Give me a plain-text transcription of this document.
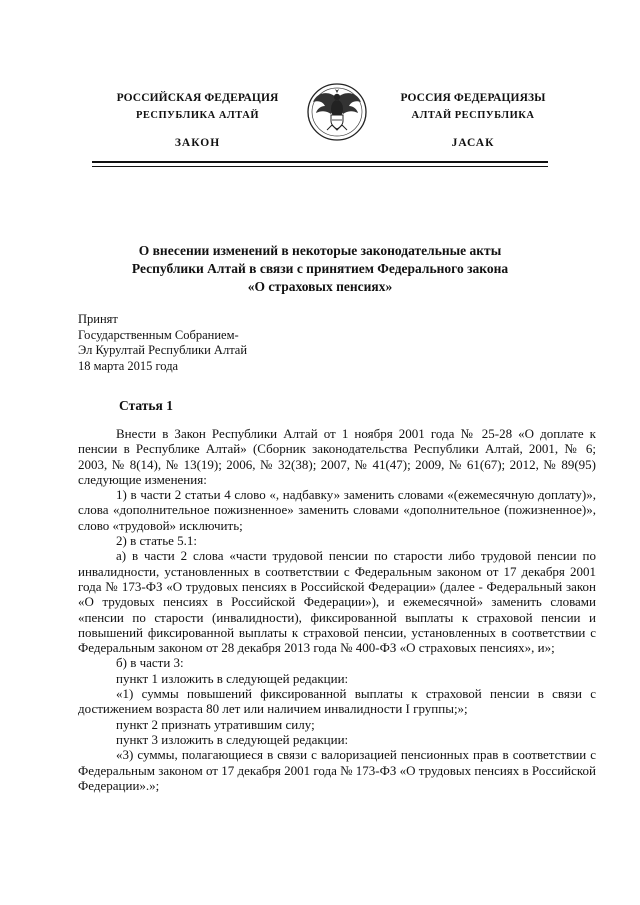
РОССИЙСКАЯ ФЕДЕРАЦИЯ
РЕСПУБЛИКА АЛТАЙ
ЗАКОН
РОССИЯ ФЕДЕРАЦИЯЗЫ
АЛТАЙ РЕСПУБЛИКА
JАСАК
О внесении изменений в некоторые законодательные акты
Республики Алтай в связи с принятием Федерального закона
«О страховых пенсиях»
Принят
Государственным Собранием-
Эл Курултай Республики Алтай
18 марта 2015 года
Статья 1

Внести в Закон Республики Алтай от 1 ноября 2001 года № 25-28 «О доплате к пенсии в Республике Алтай» (Сборник законодательства Республики Алтай, 2001, № 6; 2003, № 8(14), № 13(19); 2006, № 32(38); 2007, № 41(47); 2009, № 61(67); 2012, № 89(95) следующие изменения:

1) в части 2 статьи 4 слово «, надбавку» заменить словами «(ежемесячную доплату)», слова «дополнительное пожизненное» заменить словами «дополнительное (пожизненное)», слово «трудовой» исключить;

2) в статье 5.1:

а) в части 2 слова «части трудовой пенсии по старости либо трудовой пенсии по инвалидности, установленных в соответствии с Федеральным законом от 17 декабря 2001 года № 173-ФЗ «О трудовых пенсиях в Российской Федерации» (далее - Федеральный закон «О трудовых пенсиях в Российской Федерации»), и ежемесячной» заменить словами «пенсии по старости (инвалидности), фиксированной выплаты к страховой пенсии и повышений фиксированной выплаты к страховой пенсии, установленных в соответствии с Федеральным законом от 28 декабря 2013 года № 400-ФЗ «О страховых пенсиях», и»;

б) в части 3:

пункт 1 изложить в следующей редакции:

«1) суммы повышений фиксированной выплаты к страховой пенсии в связи с достижением возраста 80 лет или наличием инвалидности I группы;»;

пункт 2 признать утратившим силу;

пункт 3 изложить в следующей редакции:

«3) суммы, полагающиеся в связи с валоризацией пенсионных прав в соответствии с Федеральным законом от 17 декабря 2001 года № 173-ФЗ «О трудовых пенсиях в Российской Федерации».»;
